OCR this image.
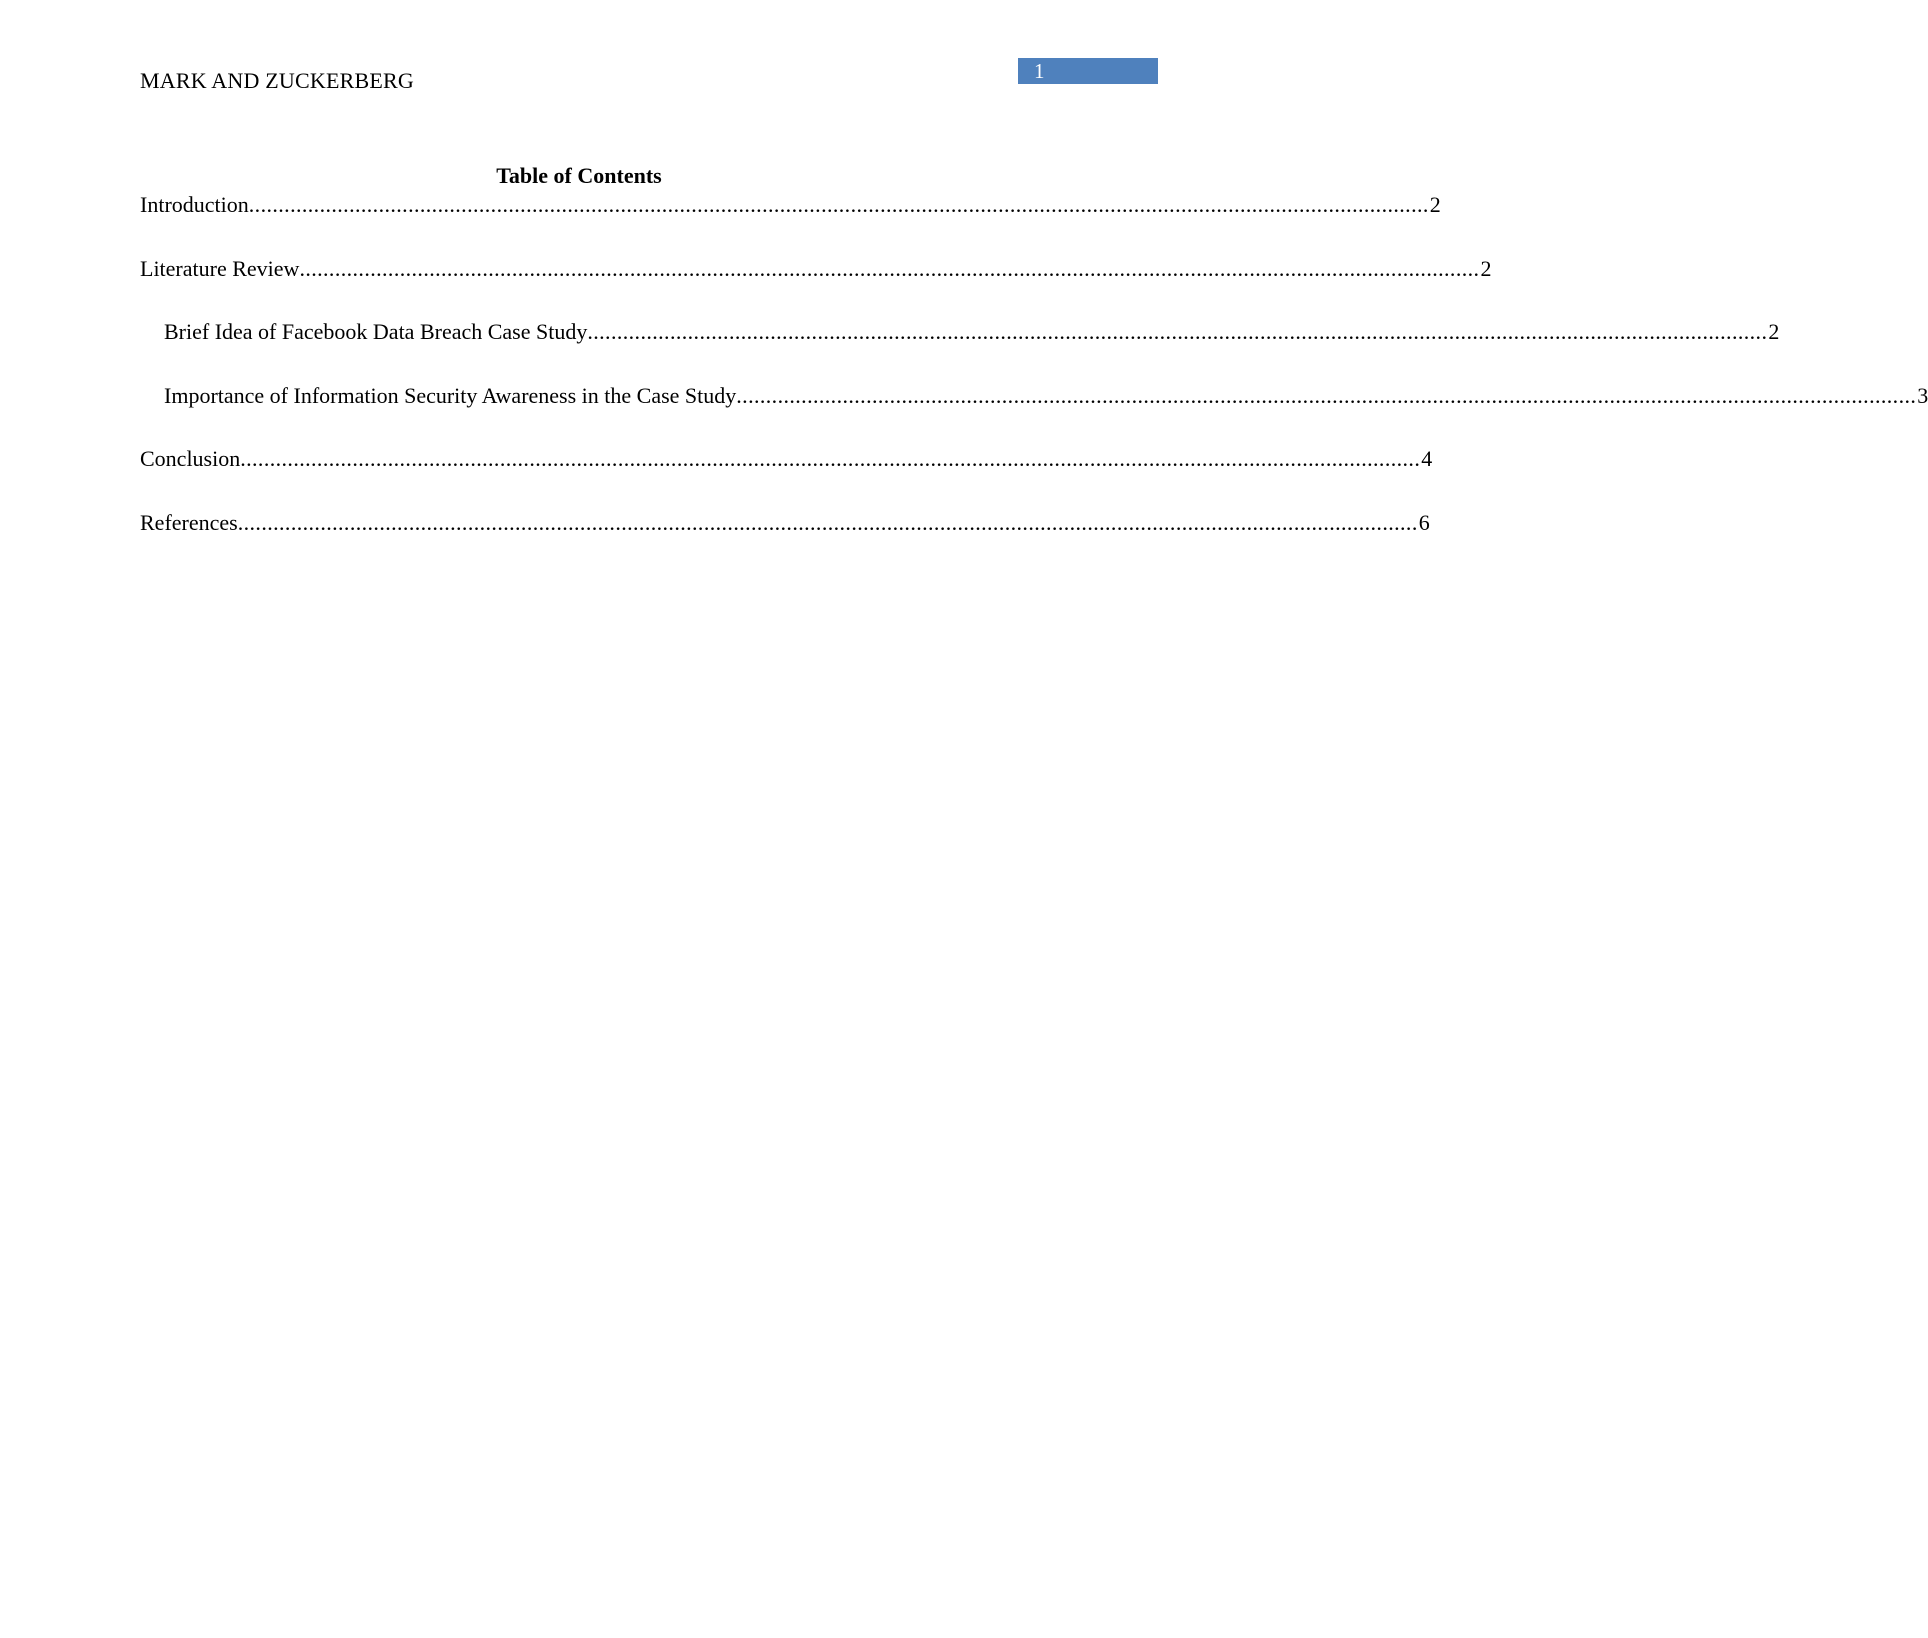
MARK AND ZUCKERBERG	1
Table of Contents
Introduction ........................................................................................................................................................................................................ 2
Literature Review ........................................................................................................................................................................................................ 2
Brief Idea of Facebook Data Breach Case Study ........................................................................................................................................................................................................ 2
Importance of Information Security Awareness in the Case Study ........................................................................................................................................................................................................ 3
Conclusion ........................................................................................................................................................................................................ 4
References ........................................................................................................................................................................................................ 6
